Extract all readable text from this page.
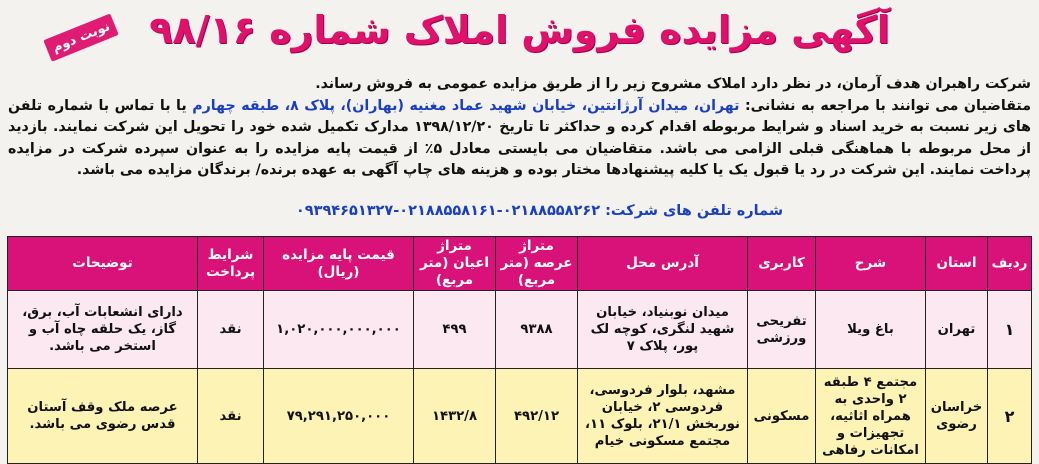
آگهی مزایده فروش املاک شماره ۹۸/۱۶
نوبت دوم

شرکت راهبران هدف آرمان، در نظر دارد املاک مشروح زیر را از طریق مزایده عمومی به فروش رساند.

متقاضیان می توانند با مراجعه به نشانی: تهران، میدان آرژانتین، خیابان شهید عماد مغنیه (بهاران)، پلاک ۸، طبقه چهارم یا با تماس با شماره تلفن های زیر نسبت به خرید اسناد و شرایط مربوطه اقدام کرده و حداکثر تا تاریخ ۱۳۹۸/۱۲/۲۰ مدارک تکمیل شده خود را تحویل این شرکت نمایند. بازدید از محل مربوطه با هماهنگی قبلی الزامی می باشد. متقاضیان می بایستی معادل ۵٪ از قیمت پایه مزایده را به عنوان سپرده شرکت در مزایده پرداخت نمایند. این شرکت در رد یا قبول یک یا کلیه پیشنهادها مختار بوده و هزینه های چاپ آگهی به عهده برنده/ برندگان مزایده می باشد.

شماره تلفن های شرکت: ۰۲۱۸۸۵۵۸۲۶۲-۰۲۱۸۸۵۵۸۱۶۱-۰۹۳۹۴۶۵۱۳۲۷
ردیف	استان	شرح	کاربری	آدرس محل	متراژ عرصه (متر مربع)	متراژ اعیان (متر مربع)	قیمت پایه مزایده (ریال)	شرایط پرداخت	توضیحات
۱	تهران	باغ ویلا	تفریحی ورزشی	میدان نوبنیاد، خیابان شهید لنگری، کوچه لک پور، پلاک ۷	۹۳۸۸	۴۹۹	۱,۰۲۰,۰۰۰,۰۰۰,۰۰۰	نقد	دارای انشعابات آب، برق، گاز، یک حلقه چاه آب و استخر می باشد.
۲	خراسان رضوی	مجتمع ۴ طبقه ۲ واحدی به همراه اثاثیه، تجهیزات و امکانات رفاهی	مسکونی	مشهد، بلوار فردوسی، فردوسی ۲، خیابان نوربخش ۲۱/۱، بلوک ۱۱، مجتمع مسکونی خیام	۴۹۲/۱۲	۱۴۳۲/۸	۷۹,۲۹۱,۲۵۰,۰۰۰	نقد	عرصه ملک وقف آستان قدس رضوی می باشد.
